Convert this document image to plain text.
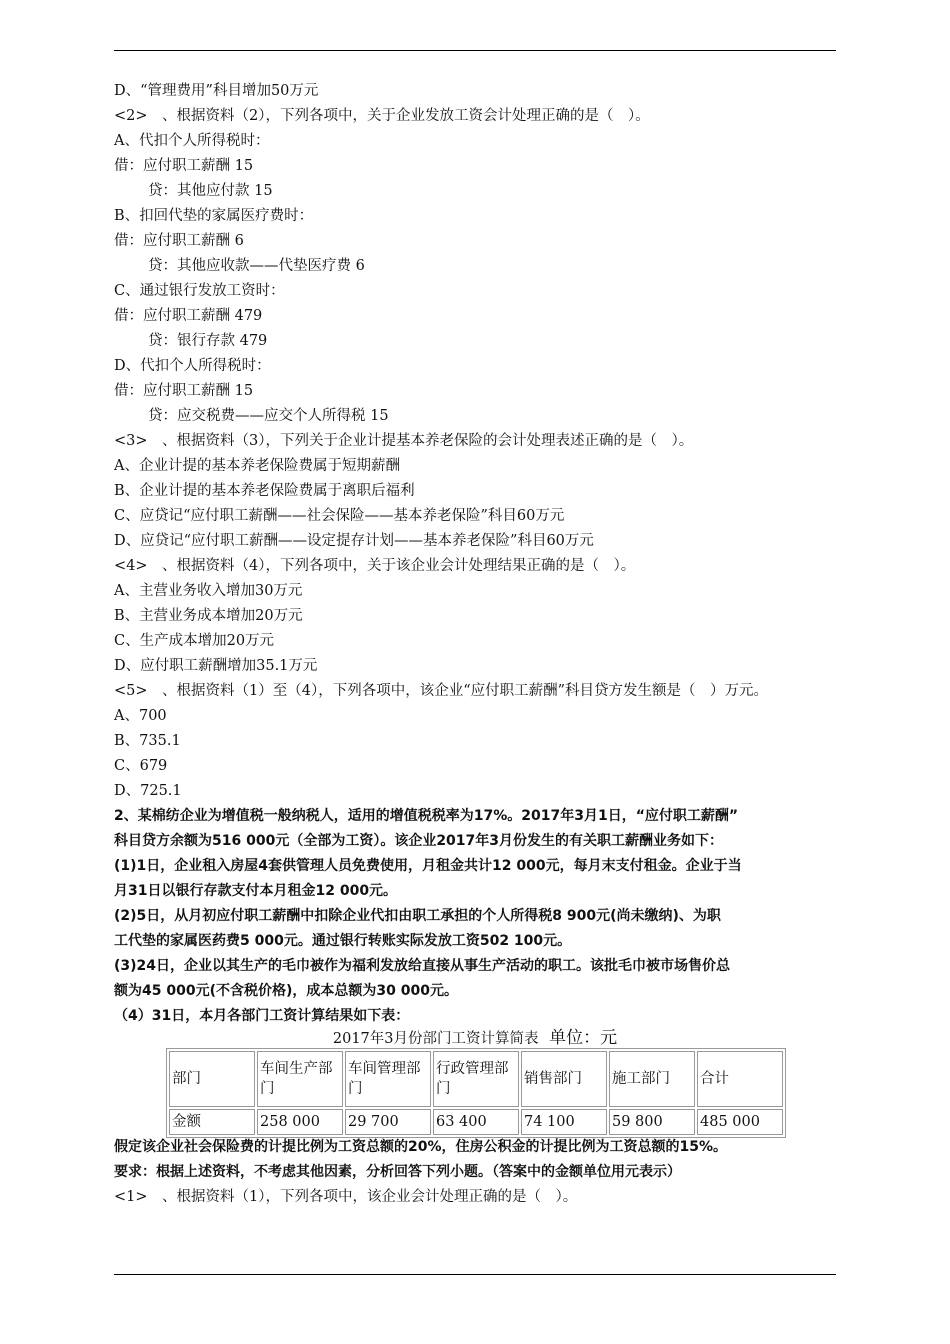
D、“管理费用”科目增加50万元
<2>　、根据资料（2），下列各项中，关于企业发放工资会计处理正确的是（　）。
A、代扣个人所得税时：
借：应付职工薪酬 15
贷：其他应付款 15
B、扣回代垫的家属医疗费时：
借：应付职工薪酬 6
贷：其他应收款——代垫医疗费 6
C、通过银行发放工资时：
借：应付职工薪酬 479
贷：银行存款 479
D、代扣个人所得税时：
借：应付职工薪酬 15
贷：应交税费——应交个人所得税 15
<3>　、根据资料（3），下列关于企业计提基本养老保险的会计处理表述正确的是（　）。
A、企业计提的基本养老保险费属于短期薪酬
B、企业计提的基本养老保险费属于离职后福利
C、应贷记“应付职工薪酬——社会保险——基本养老保险”科目60万元
D、应贷记“应付职工薪酬——设定提存计划——基本养老保险”科目60万元
<4>　、根据资料（4），下列各项中，关于该企业会计处理结果正确的是（　）。
A、主营业务收入增加30万元
B、主营业务成本增加20万元
C、生产成本增加20万元
D、应付职工薪酬增加35.1万元
<5>　、根据资料（1）至（4），下列各项中，该企业“应付职工薪酬”科目贷方发生额是（　）万元。
A、700
B、735.1
C、679
D、725.1
2、某棉纺企业为增值税一般纳税人，适用的增值税税率为17%。2017年3月1日，“应付职工薪酬”
科目贷方余额为516 000元（全部为工资）。该企业2017年3月份发生的有关职工薪酬业务如下：
(1)1日，企业租入房屋4套供管理人员免费使用，月租金共计12 000元，每月末支付租金。企业于当
月31日以银行存款支付本月租金12 000元。
(2)5日，从月初应付职工薪酬中扣除企业代扣由职工承担的个人所得税8 900元(尚未缴纳)、为职
工代垫的家属医药费5 000元。通过银行转账实际发放工资502 100元。
(3)24日，企业以其生产的毛巾被作为福利发放给直接从事生产活动的职工。该批毛巾被市场售价总
额为45 000元(不含税价格)，成本总额为30 000元。
（4）31日，本月各部门工资计算结果如下表：
2017年3月份部门工资计算简表 单位：元
部门	车间生产部门	车间管理部门	行政管理部门	销售部门	施工部门	合计
金额	258 000	29 700	63 400	74 100	59 800	485 000
假定该企业社会保险费的计提比例为工资总额的20%，住房公积金的计提比例为工资总额的15%。
要求：根据上述资料，不考虑其他因素，分析回答下列小题。（答案中的金额单位用元表示）
<1>　、根据资料（1），下列各项中，该企业会计处理正确的是（　）。
